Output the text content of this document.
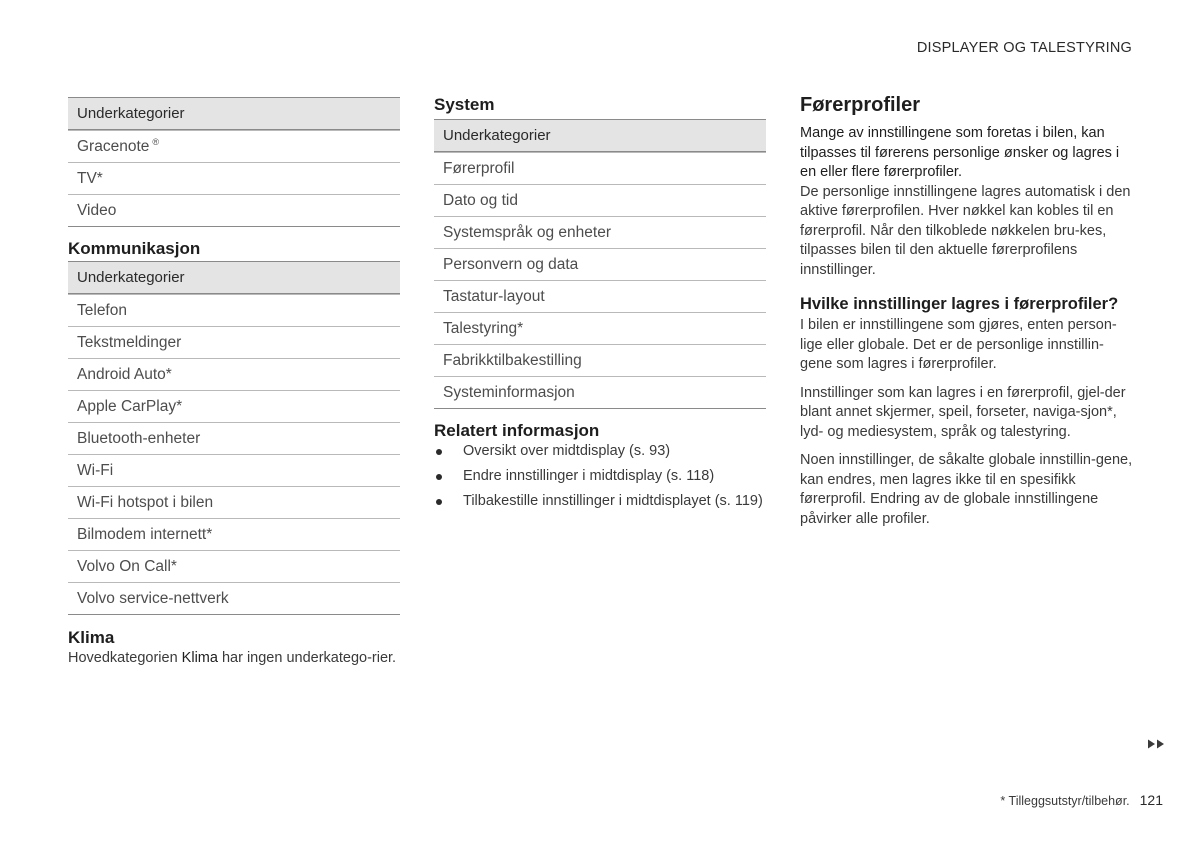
DISPLAYER OG TALESTYRING
Underkategorier
Gracenote ®
TV*
Video
Kommunikasjon
Underkategorier
Telefon
Tekstmeldinger
Android Auto*
Apple CarPlay*
Bluetooth-enheter
Wi-Fi
Wi-Fi hotspot i bilen
Bilmodem internett*
Volvo On Call*
Volvo service-nettverk
Klima

Hovedkategorien Klima har ingen underkatego-rier.

System
Underkategorier
Førerprofil
Dato og tid
Systemspråk og enheter
Personvern og data
Tastatur-layout
Talestyring*
Fabrikktilbakestilling
Systeminformasjon
Relatert informasjon
Oversikt over midtdisplay (s. 93)
Endre innstillinger i midtdisplay (s. 118)
Tilbakestille innstillinger i midtdisplayet (s. 119)
Førerprofiler

Mange av innstillingene som foretas i bilen, kan tilpasses til førerens personlige ønsker og lagres i en eller flere førerprofiler.

De personlige innstillingene lagres automatisk i den aktive førerprofilen. Hver nøkkel kan kobles til en førerprofil. Når den tilkoblede nøkkelen bru-kes, tilpasses bilen til den aktuelle førerprofilens innstillinger.

Hvilke innstillinger lagres i førerprofiler?

I bilen er innstillingene som gjøres, enten person-lige eller globale. Det er de personlige innstillin-gene som lagres i førerprofiler.

Innstillinger som kan lagres i en førerprofil, gjel-der blant annet skjermer, speil, forseter, naviga-sjon*, lyd- og mediesystem, språk og talestyring.

Noen innstillinger, de såkalte globale innstillin-gene, kan endres, men lagres ikke til en spesifikk førerprofil. Endring av de globale innstillingene påvirker alle profiler.

* Tilleggsutstyr/tilbehør. 121
